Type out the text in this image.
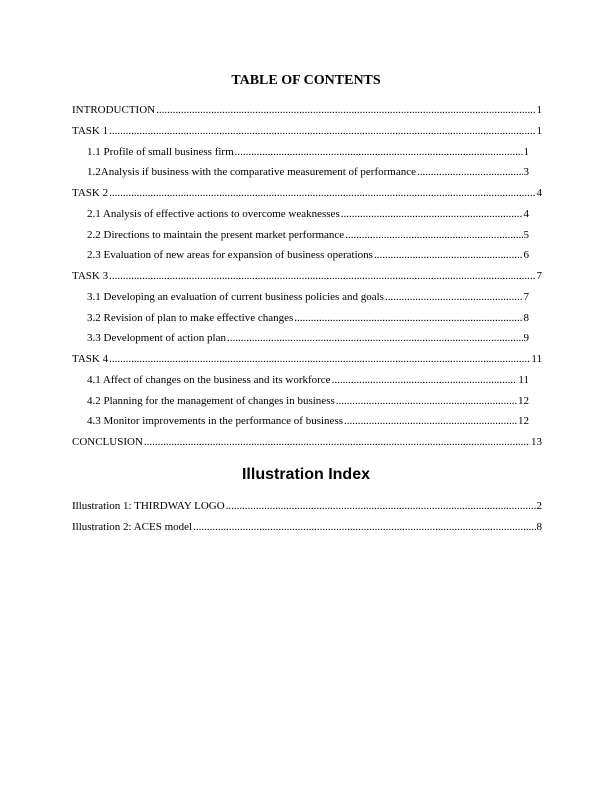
TABLE OF CONTENTS
INTRODUCTION .....	1
TASK 1 .....	1
1.1 Profile of small business firm .....	1
1.2Analysis if business with the comparative measurement of performance .....	3
TASK 2 .....	4
2.1 Analysis of effective actions to overcome weaknesses .....	4
2.2 Directions to maintain the present market performance .....	5
2.3 Evaluation of new areas for expansion of business operations .....	6
TASK 3 .....	7
3.1 Developing an evaluation of current business policies and goals .....	7
3.2 Revision of plan to make effective changes .....	8
3.3 Development of action plan .....	9
TASK 4 .....	11
4.1 Affect of changes on the business and its workforce .....	11
4.2 Planning for the management of changes in business .....	12
4.3 Monitor improvements in the performance of business .....	12
CONCLUSION .....	13
Illustration Index
Illustration 1: THIRDWAY LOGO .....	2
Illustration 2: ACES model .....	8
